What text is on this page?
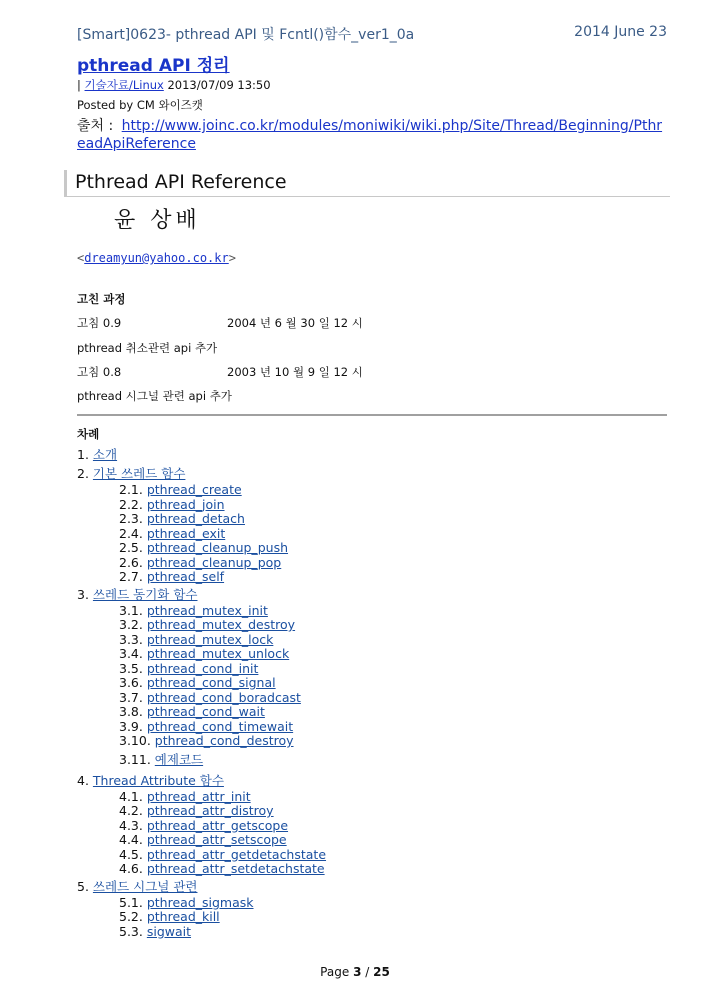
[Smart]0623- pthread API 및 Fcntl()함수_ver1_0a	2014 June 23
pthread API 정리
| 기술자료/Linux 2013/07/09 13:50
Posted by CM 와이즈캣
출처 : http://www.joinc.co.kr/modules/moniwiki/wiki.php/Site/Thread/Beginning/PthreadApiReference
Pthread API Reference
윤 상배
<dreamyun@yahoo.co.kr>
고친 과정
고침 0.9	2004 년 6 월 30 일 12 시
pthread 취소관련 api 추가
고침 0.8	2003 년 10 월 9 일 12 시
pthread 시그널 관련 api 추가
차례
1. 소개
2. 기본 쓰레드 함수
2.1. pthread_create
2.2. pthread_join
2.3. pthread_detach
2.4. pthread_exit
2.5. pthread_cleanup_push
2.6. pthread_cleanup_pop
2.7. pthread_self
3. 쓰레드 동기화 함수
3.1. pthread_mutex_init
3.2. pthread_mutex_destroy
3.3. pthread_mutex_lock
3.4. pthread_mutex_unlock
3.5. pthread_cond_init
3.6. pthread_cond_signal
3.7. pthread_cond_boradcast
3.8. pthread_cond_wait
3.9. pthread_cond_timewait
3.10. pthread_cond_destroy
3.11. 예제코드
4. Thread Attribute 함수
4.1. pthread_attr_init
4.2. pthread_attr_distroy
4.3. pthread_attr_getscope
4.4. pthread_attr_setscope
4.5. pthread_attr_getdetachstate
4.6. pthread_attr_setdetachstate
5. 쓰레드 시그널 관련
5.1. pthread_sigmask
5.2. pthread_kill
5.3. sigwait
Page 3 / 25
